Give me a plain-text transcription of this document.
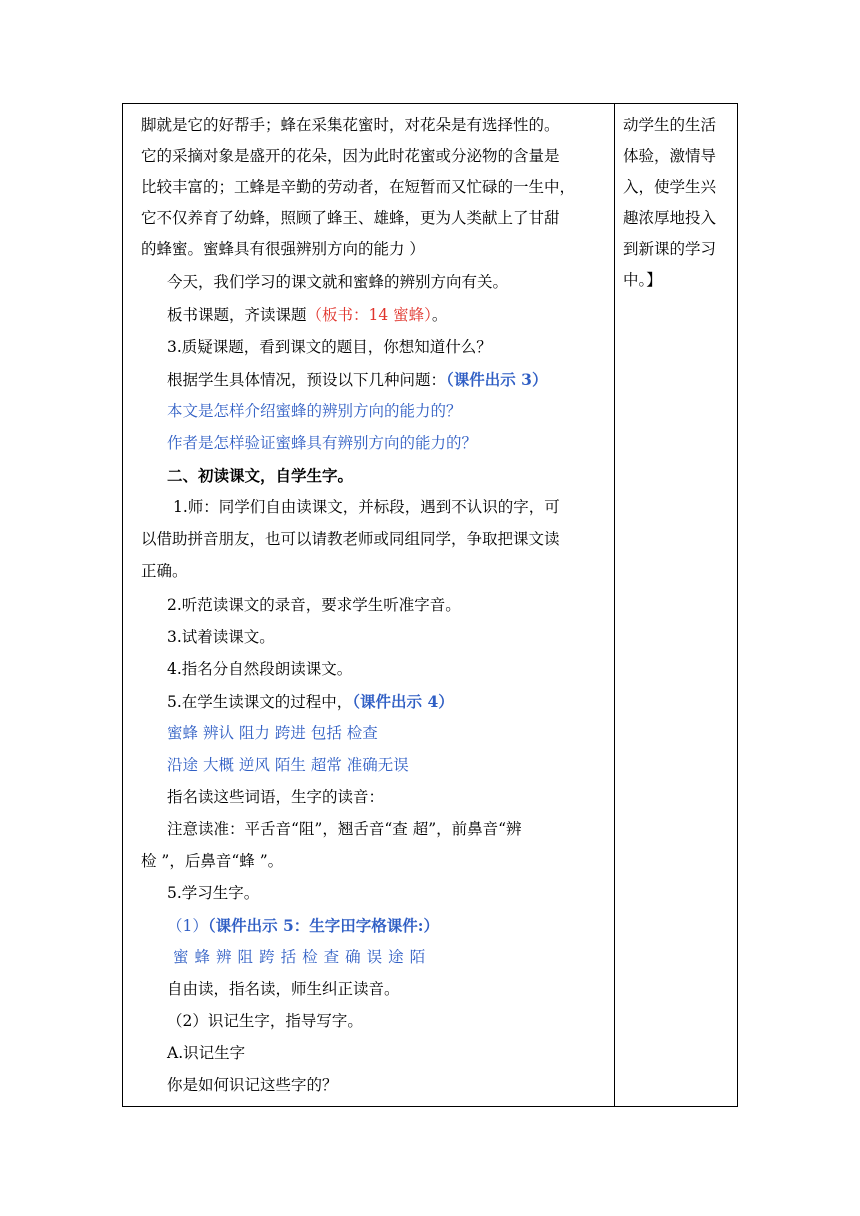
脚就是它的好帮手；蜂在采集花蜜时，对花朵是有选择性的。
它的采摘对象是盛开的花朵，因为此时花蜜或分泌物的含量是
比较丰富的；工蜂是辛勤的劳动者，在短暂而又忙碌的一生中，
它不仅养育了幼蜂，照顾了蜂王、雄蜂，更为人类献上了甘甜
的蜂蜜。蜜蜂具有很强辨别方向的能力 ）
今天，我们学习的课文就和蜜蜂的辨别方向有关。
板书课题，齐读课题（板书：14 蜜蜂）。
3.质疑课题，看到课文的题目，你想知道什么？
根据学生具体情况，预设以下几种问题：（课件出示 3）
本文是怎样介绍蜜蜂的辨别方向的能力的？
作者是怎样验证蜜蜂具有辨别方向的能力的？
二、初读课文，自学生字。
1.师：同学们自由读课文，并标段，遇到不认识的字，可
以借助拼音朋友，也可以请教老师或同组同学，争取把课文读
正确。
2.听范读课文的录音，要求学生听准字音。
3.试着读课文。
4.指名分自然段朗读课文。
5.在学生读课文的过程中，（课件出示 4）
蜜蜂 辨认 阻力 跨进 包括 检查
沿途 大概 逆风 陌生 超常 准确无误
指名读这些词语，生字的读音：
注意读准：平舌音“阻”，翘舌音“查 超”，前鼻音“辨
检 ”，后鼻音“蜂 ”。
5.学习生字。
（1）（课件出示 5：生字田字格课件:）
蜜 蜂 辨 阻 跨 括 检 查 确 误 途 陌
自由读，指名读，师生纠正读音。
（2）识记生字，指导写字。
A.识记生字
你是如何识记这些字的？
动学生的生活
体验，激情导
入，使学生兴
趣浓厚地投入
到新课的学习
中。】
